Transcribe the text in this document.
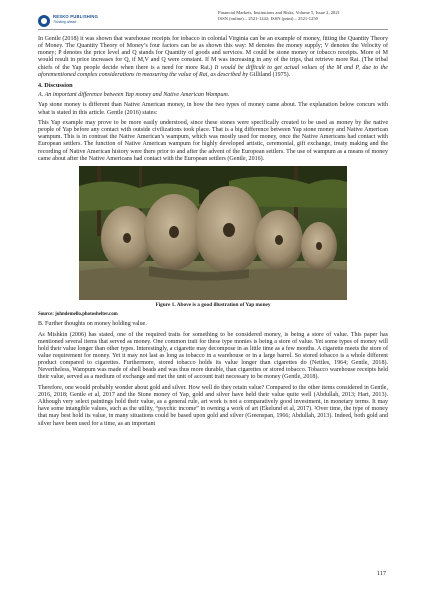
RESKO PUBLISHING
Thinking ahead
Financial Markets, Institutions and Risks, Volume 5, Issue 2, 2021
ISSN (online) – 2521-1242; ISSN (print) – 2521-1250

In Gentle (2018) it was shown that warehouse receipts for tobacco in colonial Virginia can be an example of money, fitting the Quantity Theory of Money. The Quantity Theory of Money’s four factors can be as shown this way: M denotes the money supply; V denotes the Velocity of money; P denotes the price level and Q stands for Quantity of goods and services. M could be stone money or tobacco receipts. More of M would result in price increases for Q, if M,V and Q were constant. If M was increasing in any of the trips, that retrieve more Rai. (The tribal chiefs of the Yap people decide when there is a need for more Rai.) It would be difficult to get actual values of the M and P, due to the aforementioned complex considerations in measuring the value of Rai, as described by Gilliland (1975).

4. Discussion
A. An important difference between Yap money and Native American Wampum.

Yap stone money is different than Native American money, in how the two types of money came about. The explanation below concurs with what is stated in this article. Gentle (2016) states:

This Yap example may prove to be more easily understood, since these stones were specifically created to be used as money by the native people of Yap before any contact with outside civilizations took place. That is a big difference between Yap stone money and Native American wampum. This is in contrast the Native American’s wampum, which was mostly used for money, once the Native Americans had contact with European settlers. The function of Native American wampum for highly developed artistic, ceremonial, gift exchange, treaty making and the recording of Native American history were there prior to and after the advent of the European settlers. The use of wampum as a means of money came about after the Native Americans had contact with the European settlers (Gentle, 2016).

Figure 1. Above is a good illustration of Yap money
Source: johndemello.photoshelter.com
B. Further thoughts on money holding value.

As Mishkin (2006) has stated, one of the required traits for something to be considered money, is being a store of value. This paper has mentioned several items that served as money. One common trait for these type monies is being a store of value. Yet some types of money will hold their value longer than other types. Interestingly, a cigarette may decompose in as little time as a few months. A cigarette meets the store of value requirement for money. Yet it may not last as long as tobacco in a warehouse or in a large barrel. So stored tobacco is a whole different product compared to cigarettes. Furthermore, stored tobacco holds its value longer than cigarettes do (Nettles, 1964; Gentle, 2018). Nevertheless, Wampum was made of shell beads and was thus more durable, than cigarettes or stored tobacco. Tobacco warehouse receipts held their value, served as a medium of exchange and met the unit of account trait necessary to be money (Gentle, 2018).

Therefore, one would probably wonder about gold and silver. How well do they retain value? Compared to the other items considered in Gentle, 2016, 2018; Gentle et al, 2017 and the Stone money of Yap, gold and silver have held their value quite well (Abdullah, 2013; Hart, 2013). Although very select paintings hold their value, as a general rule, art work is not a comparatively good investment, in monetary terms. It may have some intangible values, such as the utility, “psychic income” in owning a work of art (Ekelund et al, 2017). ²Over time, the type of money that may best hold its value, in many situations could be based upon gold and silver (Greenspan, 1966; Abdullah, 2013). Indeed, both gold and silver have been used for a time, as an important

117
